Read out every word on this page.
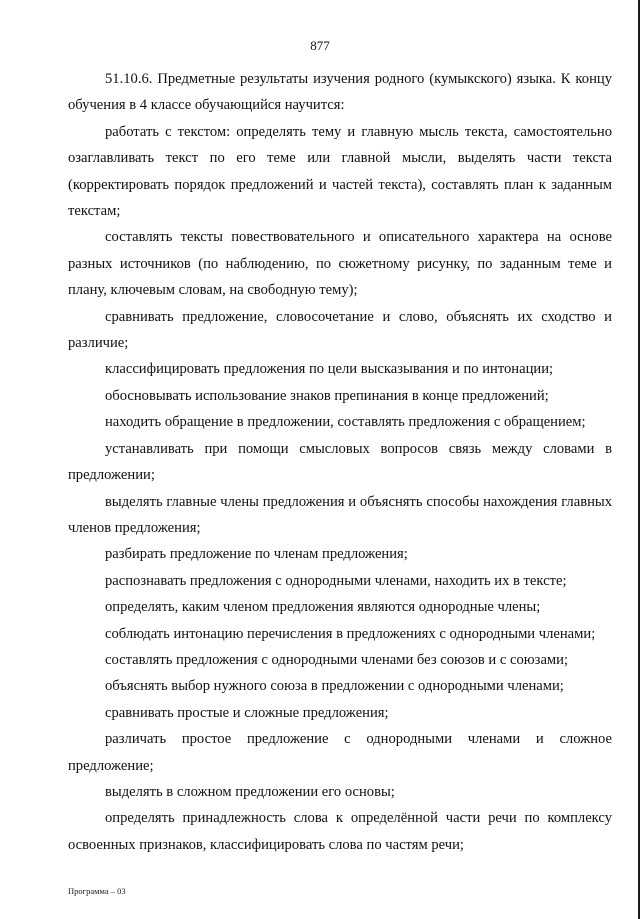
877

51.10.6. Предметные результаты изучения родного (кумыкского) языка. К концу обучения в 4 классе обучающийся научится:

работать с текстом: определять тему и главную мысль текста, самостоятельно озаглавливать текст по его теме или главной мысли, выделять части текста (корректировать порядок предложений и частей текста), составлять план к заданным текстам;

составлять тексты повествовательного и описательного характера на основе разных источников (по наблюдению, по сюжетному рисунку, по заданным теме и плану, ключевым словам, на свободную тему);

сравнивать предложение, словосочетание и слово, объяснять их сходство и различие;

классифицировать предложения по цели высказывания и по интонации;

обосновывать использование знаков препинания в конце предложений;

находить обращение в предложении, составлять предложения с обращением;

устанавливать при помощи смысловых вопросов связь между словами в предложении;

выделять главные члены предложения и объяснять способы нахождения главных членов предложения;

разбирать предложение по членам предложения;

распознавать предложения с однородными членами, находить их в тексте;

определять, каким членом предложения являются однородные члены;

соблюдать интонацию перечисления в предложениях с однородными членами;

составлять предложения с однородными членами без союзов и с союзами;

объяснять выбор нужного союза в предложении с однородными членами;

сравнивать простые и сложные предложения;

различать простое предложение с однородными членами и сложное предложение;

выделять в сложном предложении его основы;

определять принадлежность слова к определённой части речи по комплексу освоенных признаков, классифицировать слова по частям речи;

Программа – 03
